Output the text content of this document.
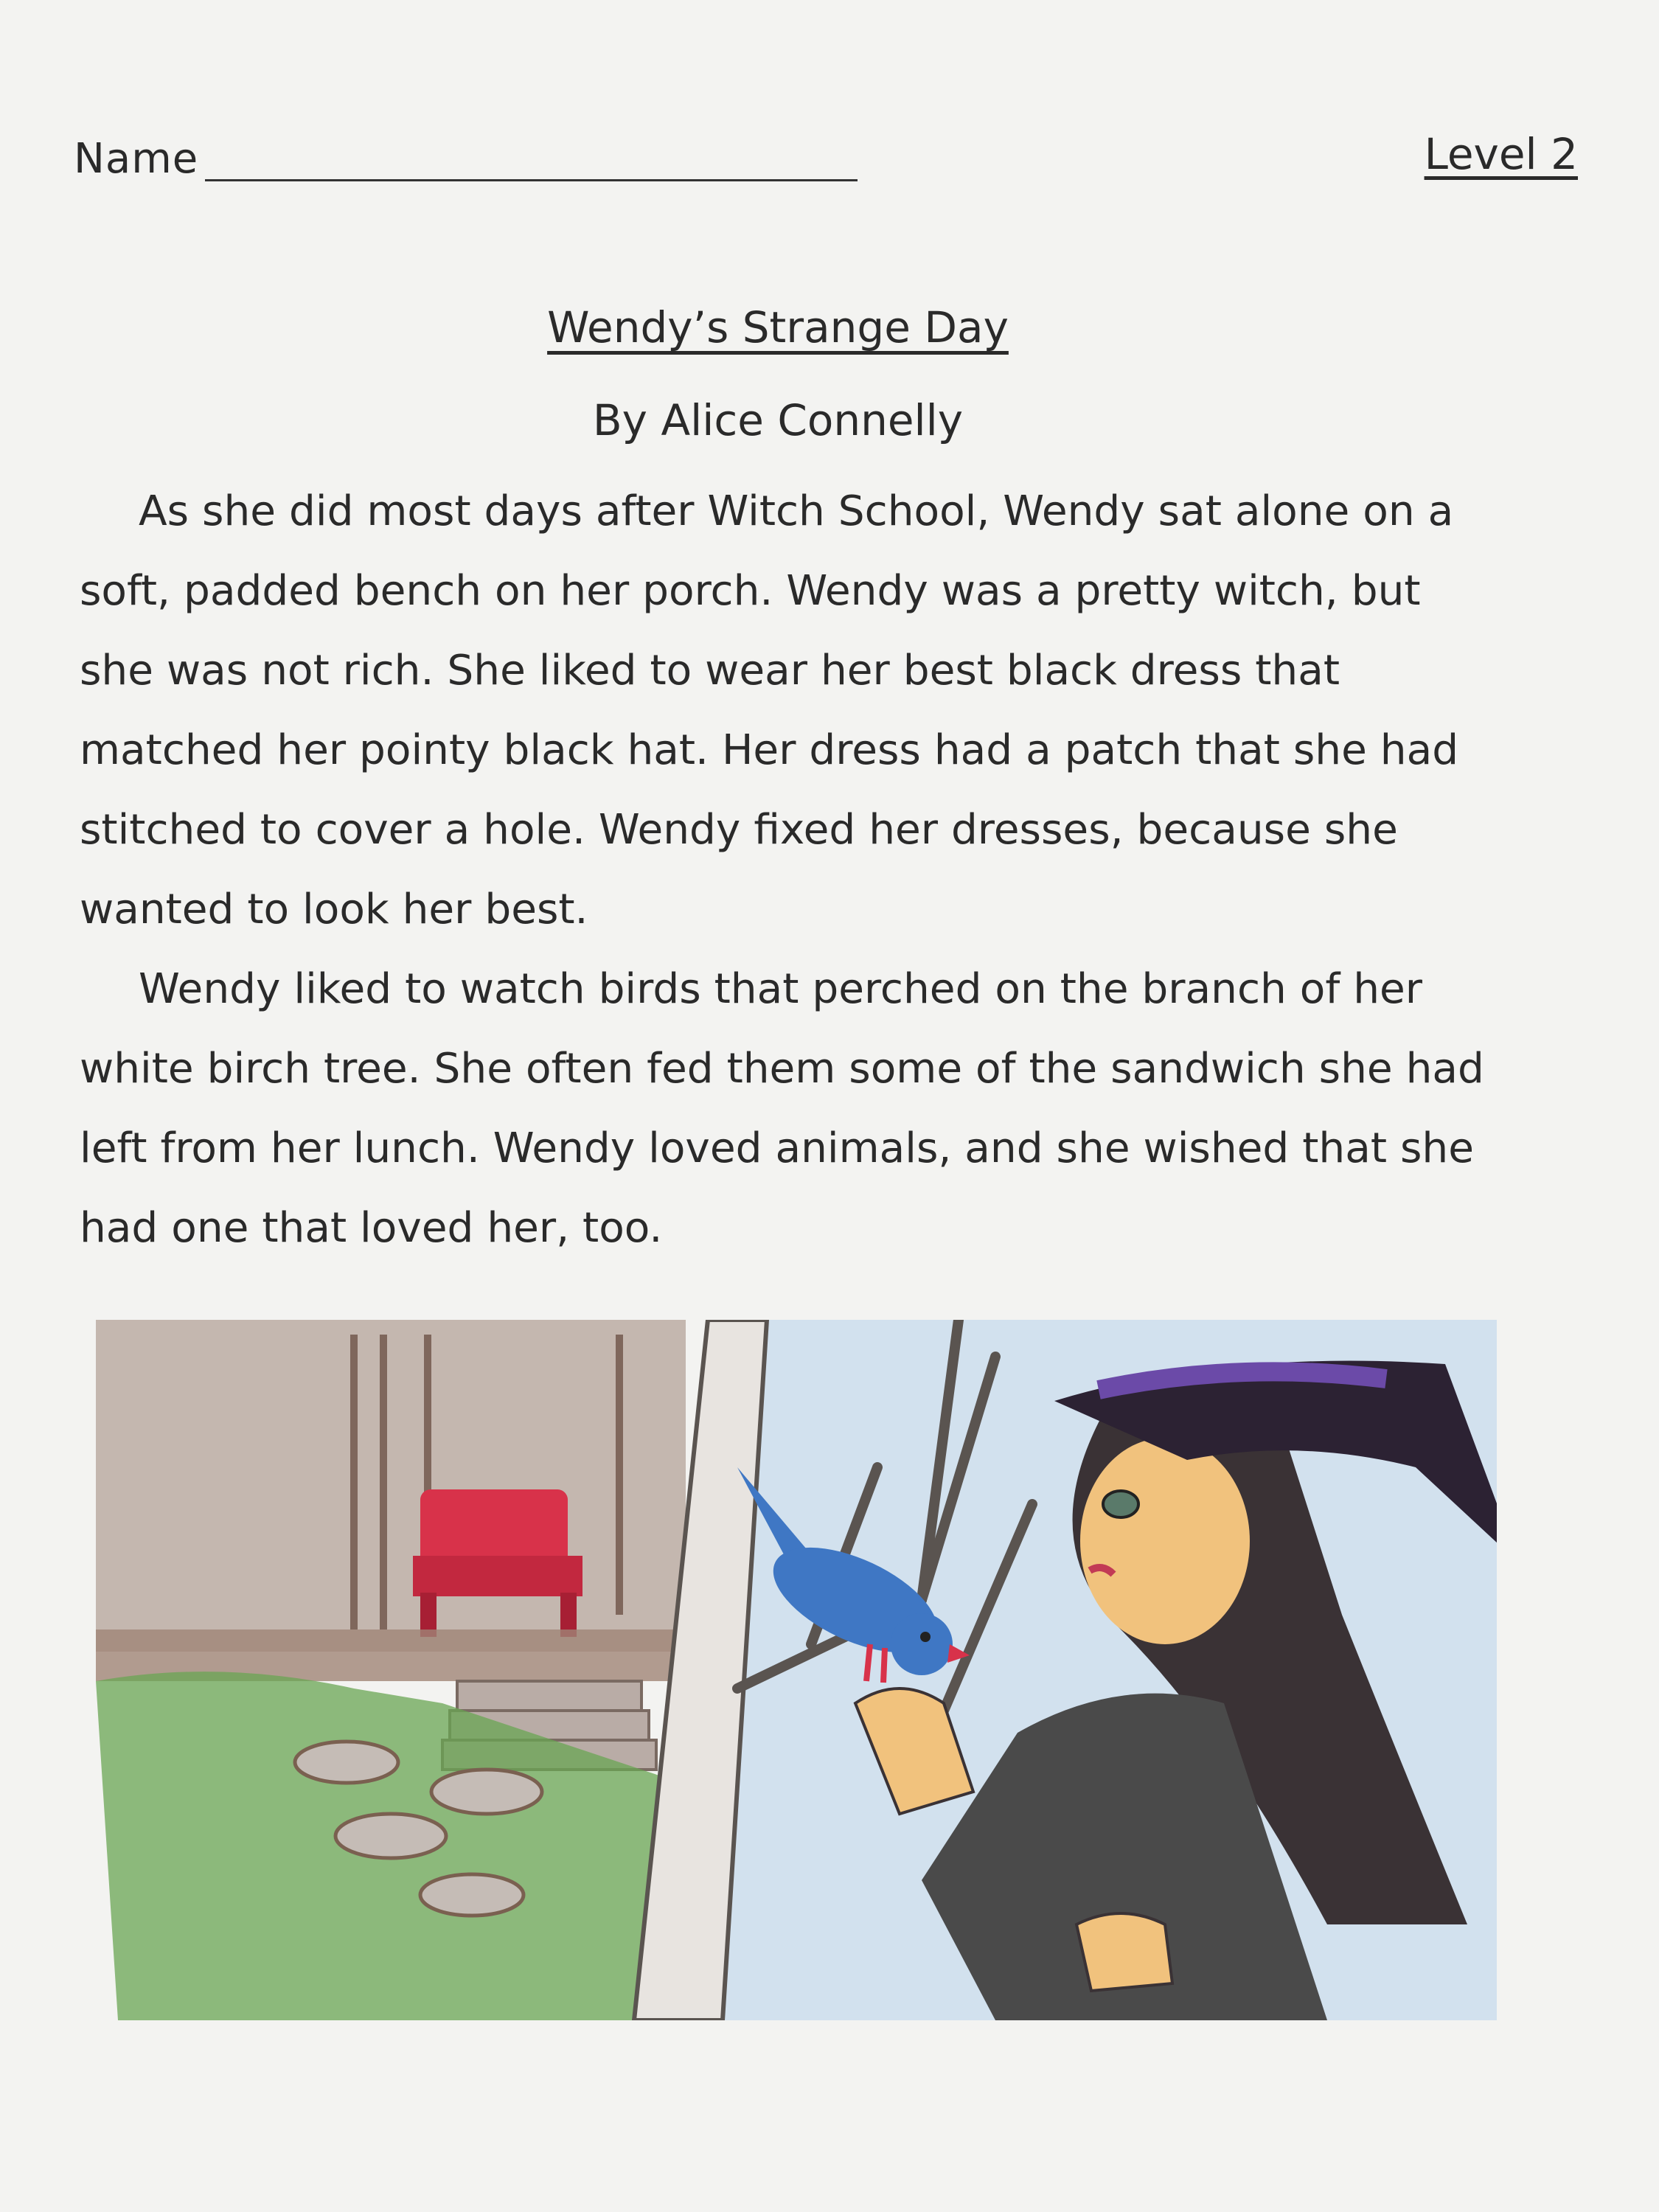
Name	Level 2
Wendy’s Strange Day
By Alice Connelly

As she did most days after Witch School, Wendy sat alone on a
soft, padded bench on her porch. Wendy was a pretty witch, but
she was not rich. She liked to wear her best black dress that
matched her pointy black hat. Her dress had a patch that she had
stitched to cover a hole. Wendy fixed her dresses, because she
wanted to look her best.

Wendy liked to watch birds that perched on the branch of her
white birch tree. She often fed them some of the sandwich she had
left from her lunch. Wendy loved animals, and she wished that she
had one that loved her, too.
